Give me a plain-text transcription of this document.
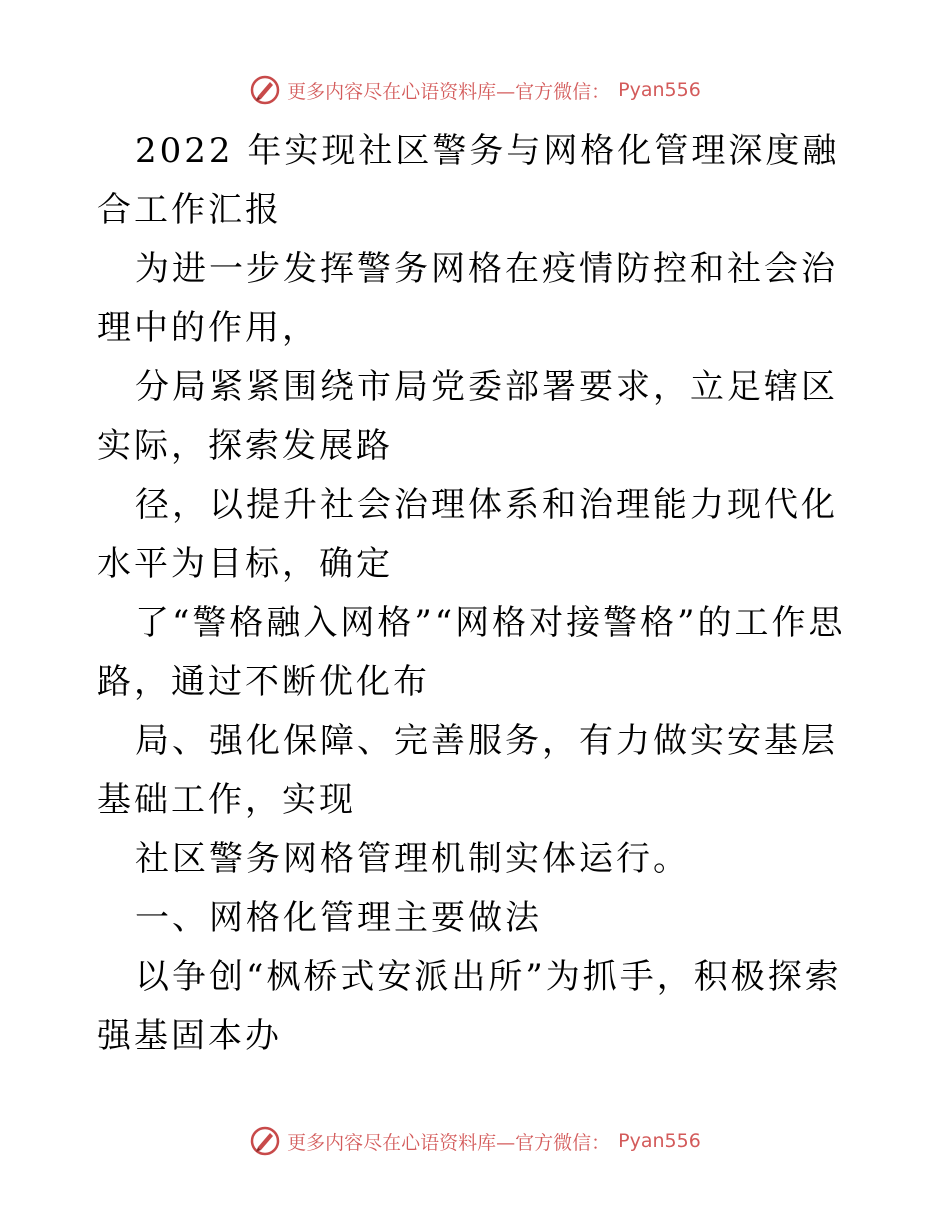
更多内容尽在心语资料库—官方微信： Pyan556

2022 年实现社区警务与网格化管理深度融合工作汇报

为进一步发挥警务网格在疫情防控和社会治理中的作用，

分局紧紧围绕市局党委部署要求，立足辖区实际，探索发展路

径，以提升社会治理体系和治理能力现代化水平为目标，确定

了“警格融入网格”“网格对接警格”的工作思路，通过不断优化布

局、强化保障、完善服务，有力做实安基层基础工作，实现

社区警务网格管理机制实体运行。

一、网格化管理主要做法

以争创“枫桥式安派出所”为抓手，积极探索强基固本办

更多内容尽在心语资料库—官方微信： Pyan556
